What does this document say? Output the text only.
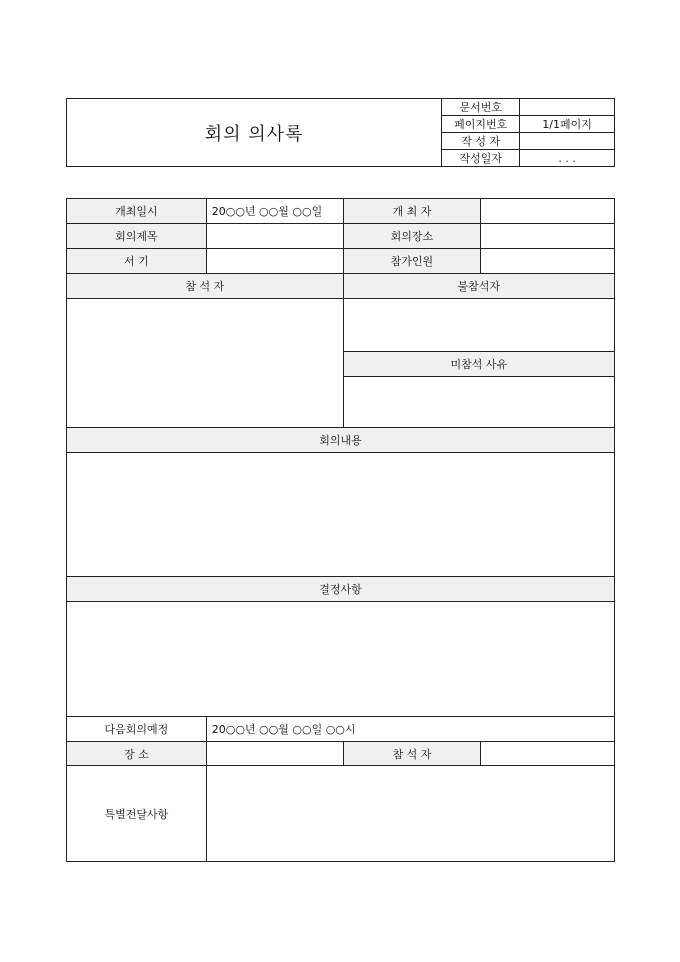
회의 의사록	문서번호	
	페이지번호	1/1페이지
	작 성 자	
	작성일자	. . .
개최일시	20○○년 ○○월 ○○일	개 최 자	
회의제목		회의장소	
서 기		참가인원	
참 석 자		불참석자	

		미참석 사유	

회의내용			

결정사항			

다음회의예정	20○○년 ○○월 ○○일 ○○시		
장 소		참 석 자	
특별전달사항			
